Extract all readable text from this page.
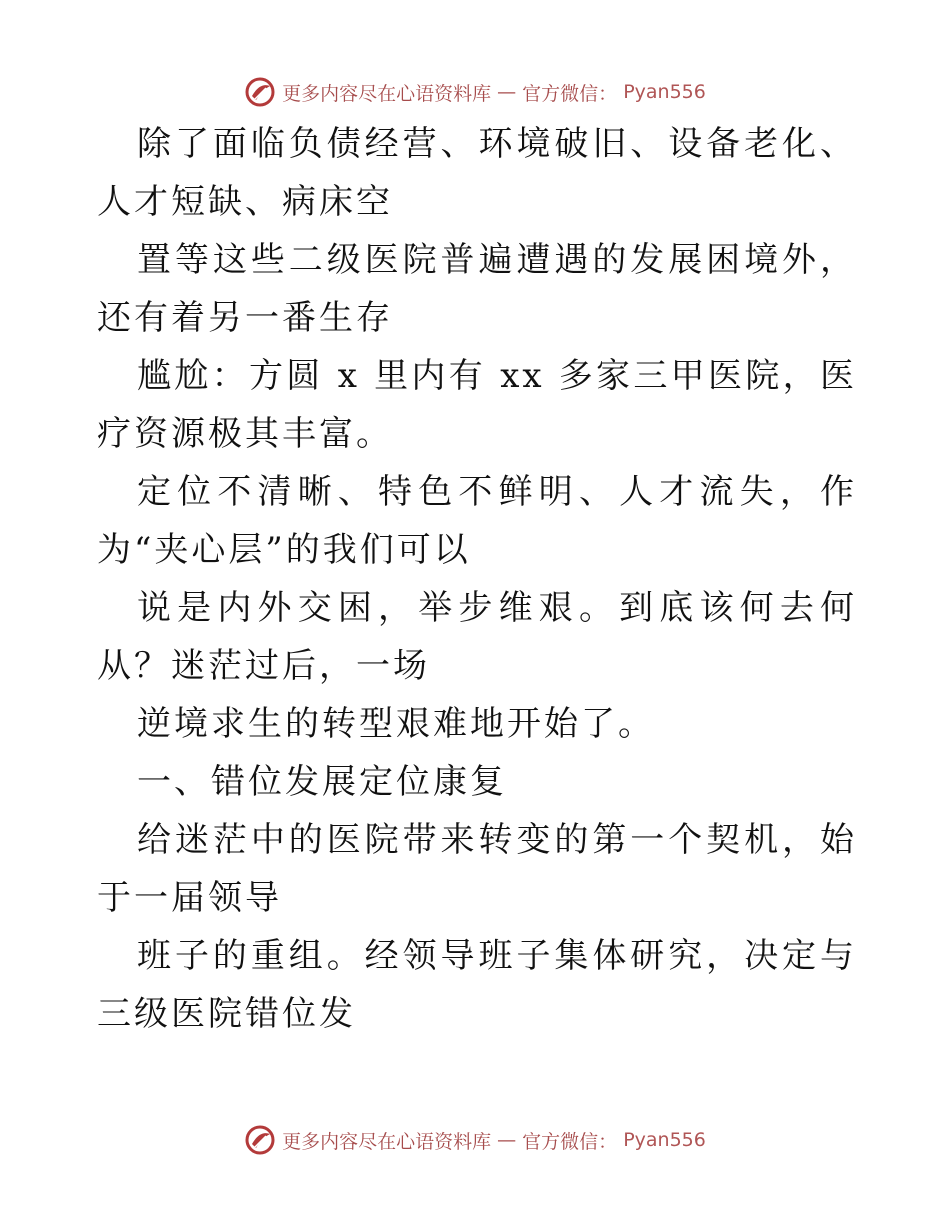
更多内容尽在心语资料库 — 官方微信： Pyan556

除了面临负债经营、环境破旧、设备老化、人才短缺、病床空

置等这些二级医院普遍遭遇的发展困境外，还有着另一番生存

尴尬：方圆 x 里内有 xx 多家三甲医院，医疗资源极其丰富。

定位不清晰、特色不鲜明、人才流失，作为“夹心层”的我们可以

说是内外交困，举步维艰。到底该何去何从？迷茫过后，一场

逆境求生的转型艰难地开始了。

一、错位发展定位康复

给迷茫中的医院带来转变的第一个契机，始于一届领导

班子的重组。经领导班子集体研究，决定与三级医院错位发

更多内容尽在心语资料库 — 官方微信： Pyan556
